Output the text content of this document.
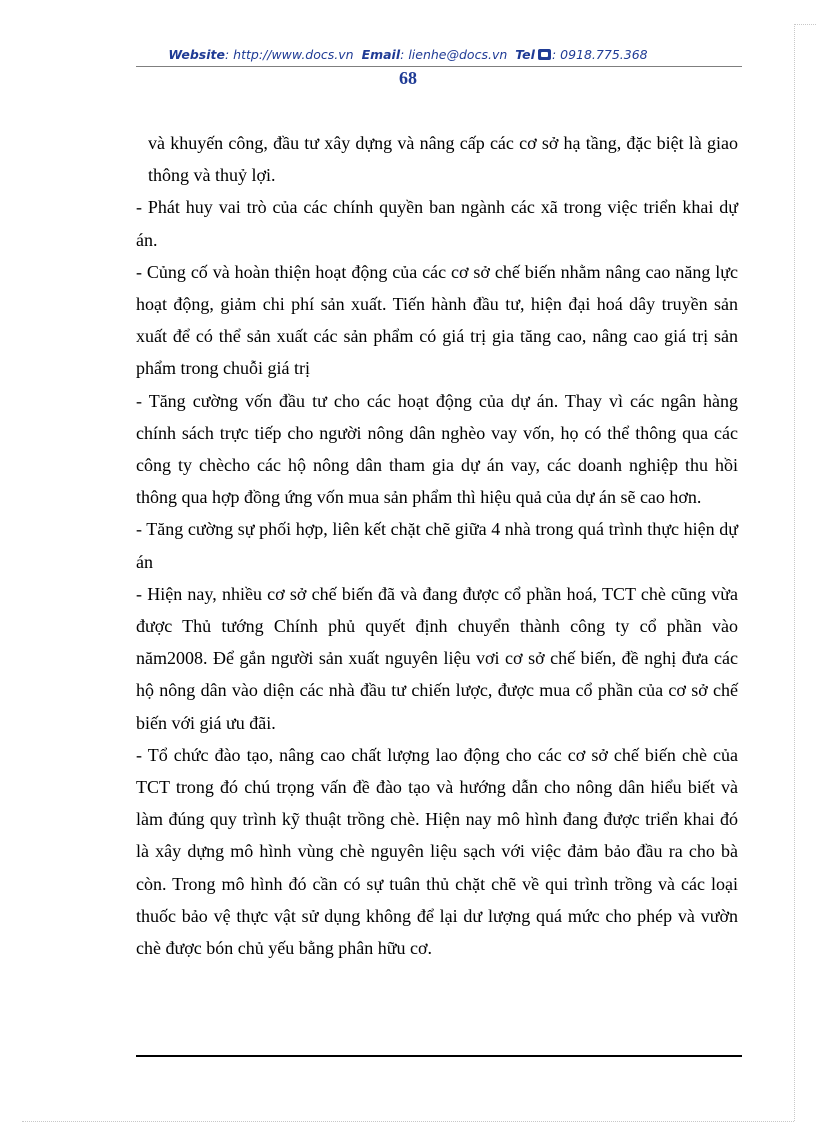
Website: http://www.docs.vn Email: lienhe@docs.vn Tel : 0918.775.368
68

và khuyến công, đầu tư xây dựng và nâng cấp các cơ sở hạ tầng, đặc biệt là giao thông và thuỷ lợi.

- Phát huy vai trò của các chính quyền ban ngành các xã trong việc triển khai dự án.

- Củng cố và hoàn thiện hoạt động của các cơ sở chế biến nhằm nâng cao năng lực hoạt động, giảm chi phí sản xuất. Tiến hành đầu tư, hiện đại hoá dây truyền sản xuất để có thể sản xuất các sản phẩm có giá trị gia tăng cao, nâng cao giá trị sản phẩm trong chuỗi giá trị

- Tăng cường vốn đầu tư cho các hoạt động của dự án. Thay vì các ngân hàng chính sách trực tiếp cho người nông dân nghèo vay vốn, họ có thể thông qua các công ty chècho các hộ nông dân tham gia dự án vay, các doanh nghiệp thu hồi thông qua hợp đồng ứng vốn mua sản phẩm thì hiệu quả của dự án sẽ cao hơn.

- Tăng cường sự phối hợp, liên kết chặt chẽ giữa 4 nhà trong quá trình thực hiện dự án

- Hiện nay, nhiều cơ sở chế biến đã và đang được cổ phần hoá, TCT chè cũng vừa được Thủ tướng Chính phủ quyết định chuyển thành công ty cổ phần vào năm2008. Để gắn người sản xuất nguyên liệu vơi cơ sở chế biến, đề nghị đưa các hộ nông dân vào diện các nhà đầu tư chiến lược, được mua cổ phần của cơ sở chế biến với giá ưu đãi.

- Tổ chức đào tạo, nâng cao chất lượng lao động cho các cơ sở chế biến chè của TCT trong đó chú trọng vấn đề đào tạo và hướng dẫn cho nông dân hiểu biết và làm đúng quy trình kỹ thuật trồng chè. Hiện nay mô hình đang được triển khai đó là xây dựng mô hình vùng chè nguyên liệu sạch với việc đảm bảo đầu ra cho bà còn. Trong mô hình đó cần có sự tuân thủ chặt chẽ về qui trình trồng và các loại thuốc bảo vệ thực vật sử dụng không để lại dư lượng quá mức cho phép và vườn chè được bón chủ yếu bằng phân hữu cơ.
